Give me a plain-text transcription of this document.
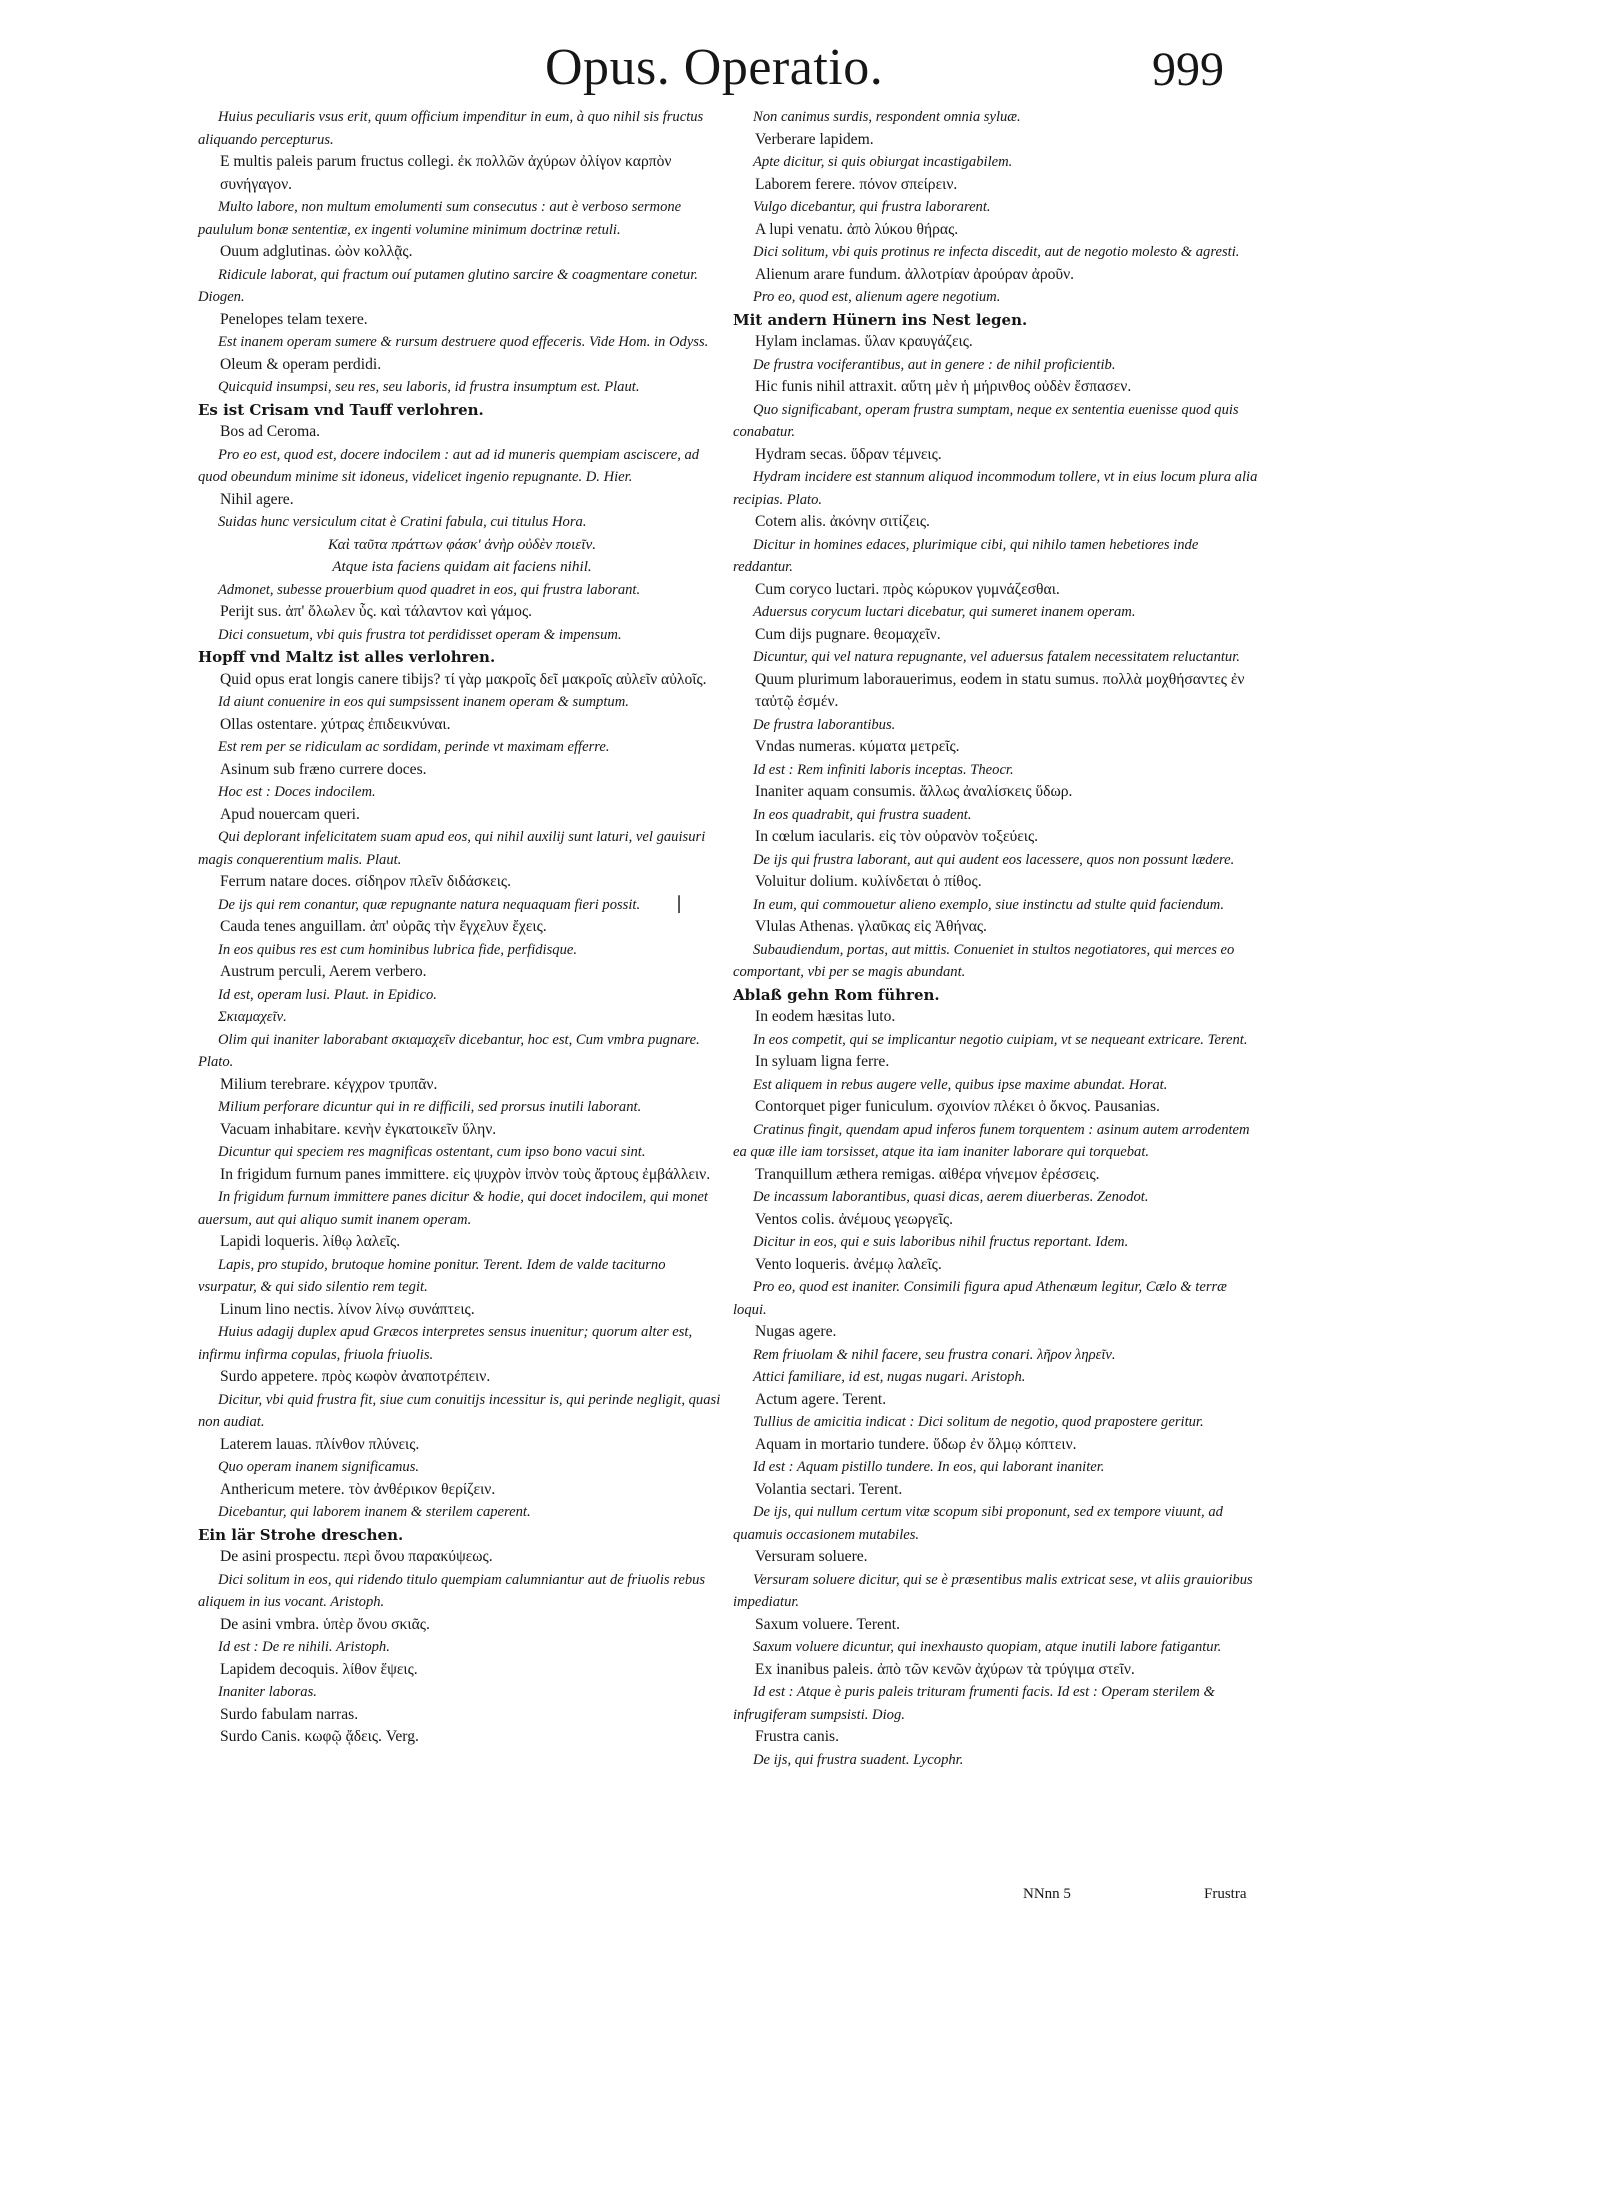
Opus. Operatio.	999
Huius peculiaris vsus erit, quum officium impenditur in eum, à quo nihil sis fructus aliquando percepturus.
E multis paleis parum fructus collegi. ἐκ πολλῶν ἀχύρων ὀλίγον καρπὸν συνήγαγον.
Multo labore, non multum emolumenti sum consecutus : aut è verboso sermone paululum bonæ sententiæ, ex ingenti volumine minimum doctrinæ retuli.
Ouum adglutinas. ὠὸν κολλᾷς.
Ridicule laborat, qui fractum ouí putamen glutino sarcire & coagmentare conetur. Diogen.
Penelopes telam texere.
Est inanem operam sumere & rursum destruere quod effeceris. Vide Hom. in Odyss.
Oleum & operam perdidi.
Quicquid insumpsi, seu res, seu laboris, id frustra insumptum est. Plaut.
Es ist Crisam vnd Tauff verlohren.
Bos ad Ceroma.
Pro eo est, quod est, docere indocilem : aut ad id muneris quempiam asciscere, ad quod obeundum minime sit idoneus, videlicet ingenio repugnante. D. Hier.
Nihil agere.
Suidas hunc versiculum citat è Cratini fabula, cui titulus Hora.
Καὶ ταῦτα πράττων φάσκ' ἀνὴρ οὐδὲν ποιεῖν.
Atque ista faciens quidam ait faciens nihil.
Admonet, subesse prouerbium quod quadret in eos, qui frustra laborant.
Perijt sus. ἀπ' ὄλωλεν ὗς. καὶ τάλαντον καὶ γάμος.
Dici consuetum, vbi quis frustra tot perdidisset operam & impensum.
Hopff vnd Maltz ist alles verlohren.
Quid opus erat longis canere tibijs? τί γὰρ μακροῖς δεῖ μακροῖς αὐλεῖν αὐλοῖς.
Id aiunt conuenire in eos qui sumpsissent inanem operam & sumptum.
Ollas ostentare. χύτρας ἐπιδεικνύναι.
Est rem per se ridiculam ac sordidam, perinde vt maximam efferre.
Asinum sub fræno currere doces.
Hoc est : Doces indocilem.
Apud nouercam queri.
Qui deplorant infelicitatem suam apud eos, qui nihil auxilij sunt laturi, vel gauisuri magis conquerentium malis. Plaut.
Ferrum natare doces. σίδηρον πλεῖν διδάσκεις.
De ijs qui rem conantur, quæ repugnante natura nequaquam fieri possit.
Cauda tenes anguillam. ἀπ' οὐρᾶς τὴν ἔγχελυν ἔχεις.
In eos quibus res est cum hominibus lubrica fide, perfidisque.
Austrum perculi, Aerem verbero.
Id est, operam lusi. Plaut. in Epidico.
Σκιαμαχεῖν.
Olim qui inaniter laborabant σκιαμαχεῖν dicebantur, hoc est, Cum vmbra pugnare. Plato.
Milium terebrare. κέγχρον τρυπᾶν.
Milium perforare dicuntur qui in re difficili, sed prorsus inutili laborant.
Vacuam inhabitare. κενὴν ἐγκατοικεῖν ὕλην.
Dicuntur qui speciem res magnificas ostentant, cum ipso bono vacui sint.
In frigidum furnum panes immittere. εἰς ψυχρὸν ἰπνὸν τοὺς ἄρτους ἐμβάλλειν.
In frigidum furnum immittere panes dicitur & hodie, qui docet indocilem, qui monet auersum, aut qui aliquo sumit inanem operam.
Lapidi loqueris. λίθῳ λαλεῖς.
Lapis, pro stupido, brutoque homine ponitur. Terent. Idem de valde taciturno vsurpatur, & qui sido silentio rem tegit.
Linum lino nectis. λίνον λίνῳ συνάπτεις.
Huius adagij duplex apud Græcos interpretes sensus inuenitur; quorum alter est, infirmu infirma copulas, friuola friuolis.
Surdo appetere. πρὸς κωφὸν ἀναποτρέπειν.
Dicitur, vbi quid frustra fit, siue cum conuitijs incessitur is, qui perinde negligit, quasi non audiat.
Laterem lauas. πλίνθον πλύνεις.
Quo operam inanem significamus.
Anthericum metere. τὸν ἀνθέρικον θερίζειν.
Dicebantur, qui laborem inanem & sterilem caperent.
Ein lär Strohe dreschen.
De asini prospectu. περὶ ὄνου παρακύψεως.
Dici solitum in eos, qui ridendo titulo quempiam calumniantur aut de friuolis rebus aliquem in ius vocant. Aristoph.
De asini vmbra. ὑπὲρ ὄνου σκιᾶς.
Id est : De re nihili. Aristoph.
Lapidem decoquis. λίθον ἕψεις.
Inaniter laboras.
Surdo fabulam narras.
Surdo Canis. κωφῷ ᾄδεις. Verg.
Non canimus surdis, respondent omnia syluæ.
Verberare lapidem.
Apte dicitur, si quis obiurgat incastigabilem.
Laborem ferere. πόνον σπείρειν.
Vulgo dicebantur, qui frustra laborarent.
A lupi venatu. ἀπὸ λύκου θήρας.
Dici solitum, vbi quis protinus re infecta discedit, aut de negotio molesto & agresti.
Alienum arare fundum. ἀλλοτρίαν ἀρούραν ἀροῦν.
Pro eo, quod est, alienum agere negotium.
Mit andern Hünern ins Nest legen.
Hylam inclamas. ὕλαν κραυγάζεις.
De frustra vociferantibus, aut in genere : de nihil proficientib.
Hic funis nihil attraxit. αὕτη μὲν ἡ μήρινθος οὐδὲν ἔσπασεν.
Quo significabant, operam frustra sumptam, neque ex sententia euenisse quod quis conabatur.
Hydram secas. ὕδραν τέμνεις.
Hydram incidere est stannum aliquod incommodum tollere, vt in eius locum plura alia recipias. Plato.
Cotem alis. ἀκόνην σιτίζεις.
Dicitur in homines edaces, plurimique cibi, qui nihilo tamen hebetiores inde reddantur.
Cum corycο luctari. πρὸς κώρυκον γυμνάζεσθαι.
Aduersus corycum luctari dicebatur, qui sumeret inanem operam.
Cum dijs pugnare. θεομαχεῖν.
Dicuntur, qui vel natura repugnante, vel aduersus fatalem necessitatem reluctantur.
Quum plurimum laborauerimus, eodem in statu sumus. πολλὰ μοχθήσαντες ἐν ταὐτῷ ἐσμέν.
De frustra laborantibus.
Vndas numeras. κύματα μετρεῖς.
Id est : Rem infiniti laboris inceptas. Theocr.
Inaniter aquam consumis. ἄλλως ἀναλίσκεις ὕδωρ.
In eos quadrabit, qui frustra suadent.
In cœlum iacularis. εἰς τὸν οὐρανὸν τοξεύεις.
De ijs qui frustra laborant, aut qui audent eos lacessere, quos non possunt lædere.
Voluitur dolium. κυλίνδεται ὁ πίθος.
In eum, qui commouetur alieno exemplo, siue instinctu ad stulte quid faciendum.
Vlulas Athenas. γλαῦκας εἰς Ἀθήνας.
Subaudiendum, portas, aut mittis. Conueniet in stultos negotiatores, qui merces eo comportant, vbi per se magis abundant.
Ablaß gehn Rom führen.
In eodem hæsitas luto.
In eos competit, qui se implicantur negotio cuipiam, vt se nequeant extricare. Terent.
In syluam ligna ferre.
Est aliquem in rebus augere velle, quibus ipse maxime abundat. Horat.
Contorquet piger funiculum. σχοινίον πλέκει ὁ ὄκνος. Pausanias.
Cratinus fingit, quendam apud inferos funem torquentem : asinum autem arrodentem ea quæ ille iam torsisset, atque ita iam inaniter laborare qui torquebat.
Tranquillum æthera remigas. αἰθέρα νήνεμον ἐρέσσεις.
De incassum laborantibus, quasi dicas, aerem diuerberas. Zenodot.
Ventos colis. ἀνέμους γεωργεῖς.
Dicitur in eos, qui e suis laboribus nihil fructus reportant. Idem.
Vento loqueris. ἀνέμῳ λαλεῖς.
Pro eo, quod est inaniter. Consimili figura apud Athenæum legitur, Cælo & terræ loqui.
Nugas agere.
Rem friuolam & nihil facere, seu frustra conari. λῆρον ληρεῖν.
Attici familiare, id est, nugas nugari. Aristoph.
Actum agere. Terent.
Tullius de amicitia indicat : Dici solitum de negotio, quod prapostere geritur.
Aquam in mortario tundere. ὕδωρ ἐν ὅλμῳ κόπτειν.
Id est : Aquam pistillo tundere. In eos, qui laborant inaniter.
Volantia sectari. Terent.
De ijs, qui nullum certum vitæ scopum sibi proponunt, sed ex tempore viuunt, ad quamuis occasionem mutabiles.
Versuram soluere.
Versuram soluere dicitur, qui se è præsentibus malis extricat sese, vt aliis grauioribus impediatur.
Saxum voluere. Terent.
Saxum voluere dicuntur, qui inexhausto quopiam, atque inutili labore fatigantur.
Ex inanibus paleis. ἀπὸ τῶν κενῶν ἀχύρων τὰ τρύγιμα στεῖν.
Id est : Atque è puris paleis trituram frumenti facis. Id est : Operam sterilem & infrugiferam sumpsisti. Diog.
Frustra canis.
De ijs, qui frustra suadent. Lycophr.
|
NNnn 5	Frustra
